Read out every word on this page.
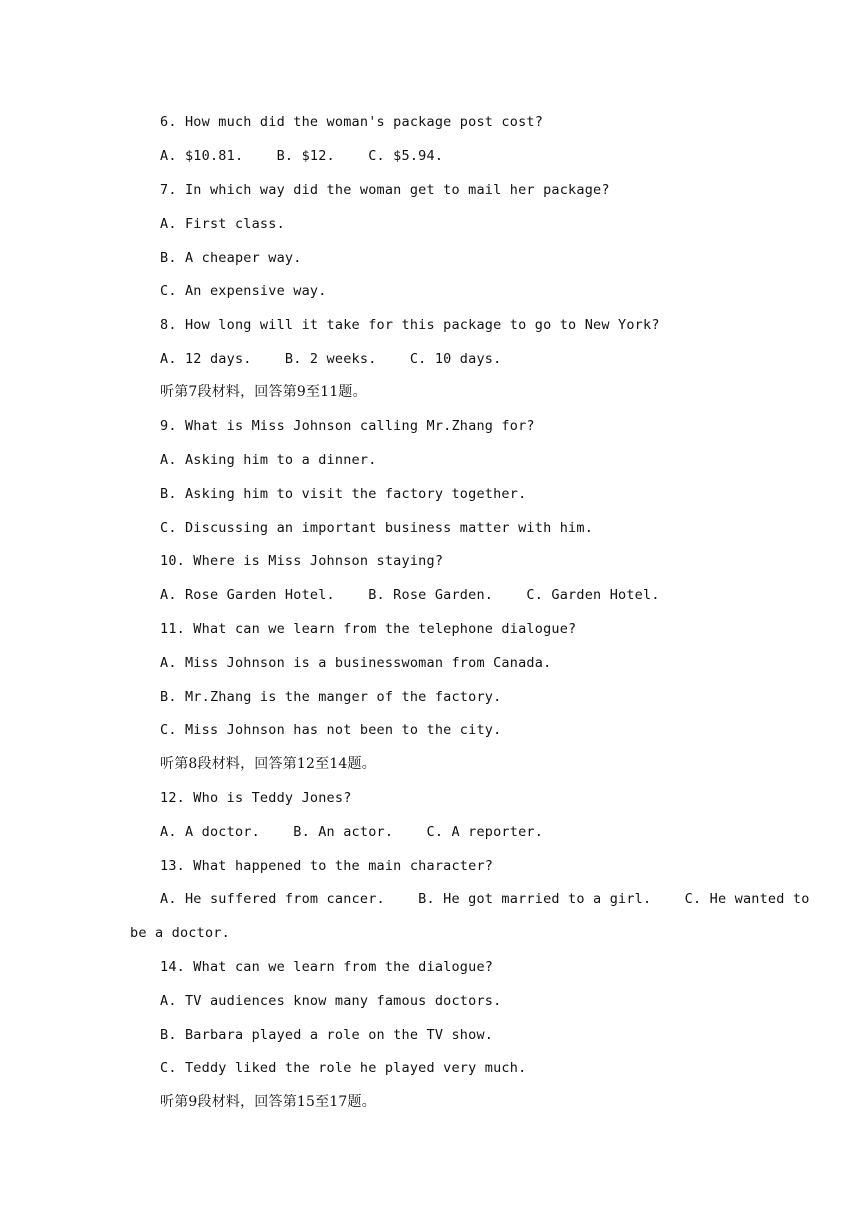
6. How much did the woman's package post cost?
A. $10.81.    B. $12.    C. $5.94.
7. In which way did the woman get to mail her package?
A. First class.
B. A cheaper way.
C. An expensive way.
8. How long will it take for this package to go to New York?
A. 12 days.    B. 2 weeks.    C. 10 days.
听第7段材料，回答第9至11题。
9. What is Miss Johnson calling Mr.Zhang for?
A. Asking him to a dinner.
B. Asking him to visit the factory together.
C. Discussing an important business matter with him.
10. Where is Miss Johnson staying?
A. Rose Garden Hotel.    B. Rose Garden.    C. Garden Hotel.
11. What can we learn from the telephone dialogue?
A. Miss Johnson is a businesswoman from Canada.
B. Mr.Zhang is the manger of the factory.
C. Miss Johnson has not been to the city.
听第8段材料，回答第12至14题。
12. Who is Teddy Jones?
A. A doctor.    B. An actor.    C. A reporter.
13. What happened to the main character?
A. He suffered from cancer.    B. He got married to a girl.    C. He wanted to
be a doctor.
14. What can we learn from the dialogue?
A. TV audiences know many famous doctors.
B. Barbara played a role on the TV show.
C. Teddy liked the role he played very much.
听第9段材料，回答第15至17题。
